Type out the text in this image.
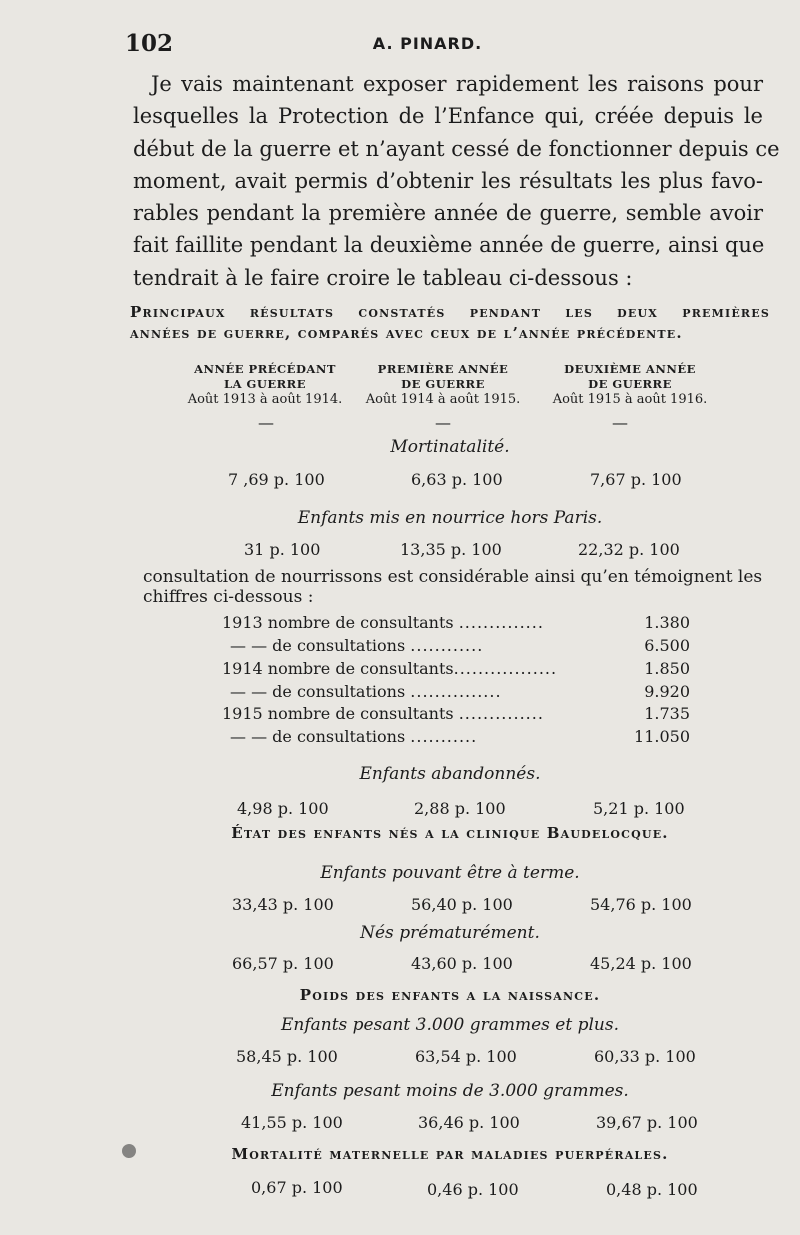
102	A. PINARD.
Je vais maintenant exposer rapidement les raisons pour
lesquelles la Protection de l’Enfance qui, créée depuis le
début de la guerre et n’ayant cessé de fonctionner depuis ce
moment, avait permis d’obtenir les résultats les plus favo-
rables pendant la première année de guerre, semble avoir
fait faillite pendant la deuxième année de guerre, ainsi que
tendrait à le faire croire le tableau ci-dessous :
Principaux résultats constatés pendant les deux premières
années de guerre, comparés avec ceux de l’année précédente.
ANNÉE PRÉCÉDANT
LA GUERRE
Août 1913 à août 1914.
PREMIÈRE ANNÉE
DE GUERRE
Août 1914 à août 1915.
DEUXIÈME ANNÉE
DE GUERRE
Août 1915 à août 1916.
—	—	—
Mortinatalité.
7 ,69 p. 100	6,63 p. 100	7,67 p. 100
Enfants mis en nourrice hors Paris.
31 p. 100	13,35 p. 100	22,32 p. 100
consultation de nourrissons est considérable ainsi qu’en témoignent les
chiffres ci-dessous :
1913 nombre de consultants ..............	1.380
— — de consultations ............	6.500
1914 nombre de consultants.................	1.850
— — de consultations ...............	9.920
1915 nombre de consultants ..............	1.735
— — de consultations ...........	11.050
Enfants abandonnés.
4,98 p. 100	2,88 p. 100	5,21 p. 100
État des enfants nés a la clinique Baudelocque.
Enfants pouvant être à terme.
33,43 p. 100	56,40 p. 100	54,76 p. 100
Nés prématurément.
66,57 p. 100	43,60 p. 100	45,24 p. 100
Poids des enfants a la naissance.
Enfants pesant 3.000 grammes et plus.
58,45 p. 100	63,54 p. 100	60,33 p. 100
Enfants pesant moins de 3.000 grammes.
41,55 p. 100	36,46 p. 100	39,67 p. 100
Mortalité maternelle par maladies puerpérales.
0,67 p. 100	0,46 p. 100	0,48 p. 100
